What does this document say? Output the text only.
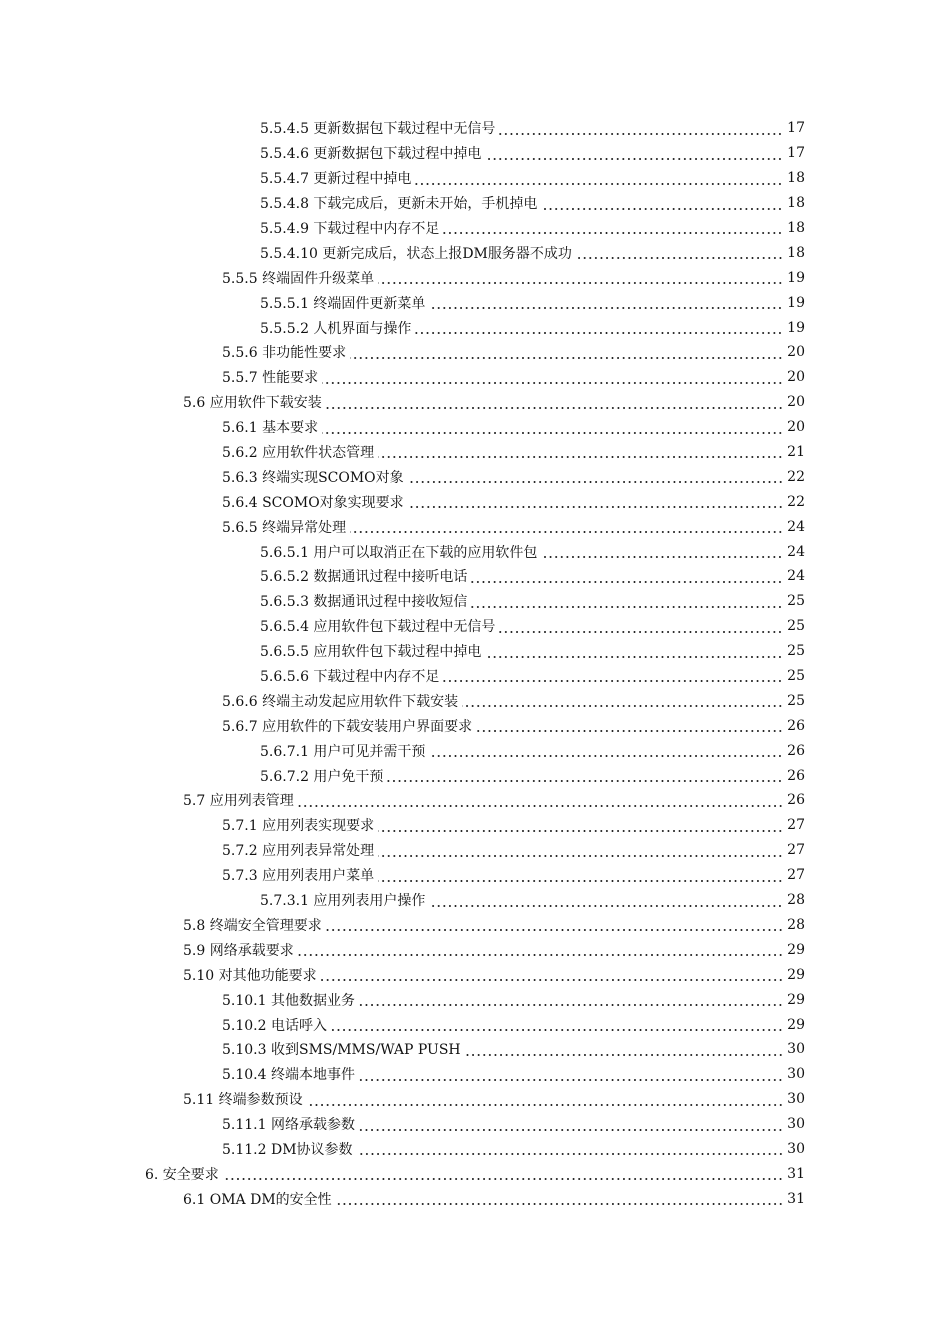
5.5.4.5 更新数据包下载过程中无信号	17
5.5.4.6 更新数据包下载过程中掉电	17
5.5.4.7 更新过程中掉电	18
5.5.4.8 下载完成后，更新未开始，手机掉电	18
5.5.4.9 下载过程中内存不足	18
5.5.4.10 更新完成后，状态上报DM服务器不成功	18
5.5.5 终端固件升级菜单	19
5.5.5.1 终端固件更新菜单	19
5.5.5.2 人机界面与操作	19
5.5.6 非功能性要求	20
5.5.7 性能要求	20
5.6 应用软件下载安装	20
5.6.1 基本要求	20
5.6.2 应用软件状态管理	21
5.6.3 终端实现SCOMO对象	22
5.6.4 SCOMO对象实现要求	22
5.6.5 终端异常处理	24
5.6.5.1 用户可以取消正在下载的应用软件包	24
5.6.5.2 数据通讯过程中接听电话	24
5.6.5.3 数据通讯过程中接收短信	25
5.6.5.4 应用软件包下载过程中无信号	25
5.6.5.5 应用软件包下载过程中掉电	25
5.6.5.6 下载过程中内存不足	25
5.6.6 终端主动发起应用软件下载安装	25
5.6.7 应用软件的下载安装用户界面要求	26
5.6.7.1 用户可见并需干预	26
5.6.7.2 用户免干预	26
5.7 应用列表管理	26
5.7.1 应用列表实现要求	27
5.7.2 应用列表异常处理	27
5.7.3 应用列表用户菜单	27
5.7.3.1 应用列表用户操作	28
5.8 终端安全管理要求	28
5.9 网络承载要求	29
5.10 对其他功能要求	29
5.10.1 其他数据业务	29
5.10.2 电话呼入	29
5.10.3 收到SMS/MMS/WAP PUSH	30
5.10.4 终端本地事件	30
5.11 终端参数预设	30
5.11.1 网络承载参数	30
5.11.2 DM协议参数	30
6. 安全要求	31
6.1 OMA DM的安全性	31
